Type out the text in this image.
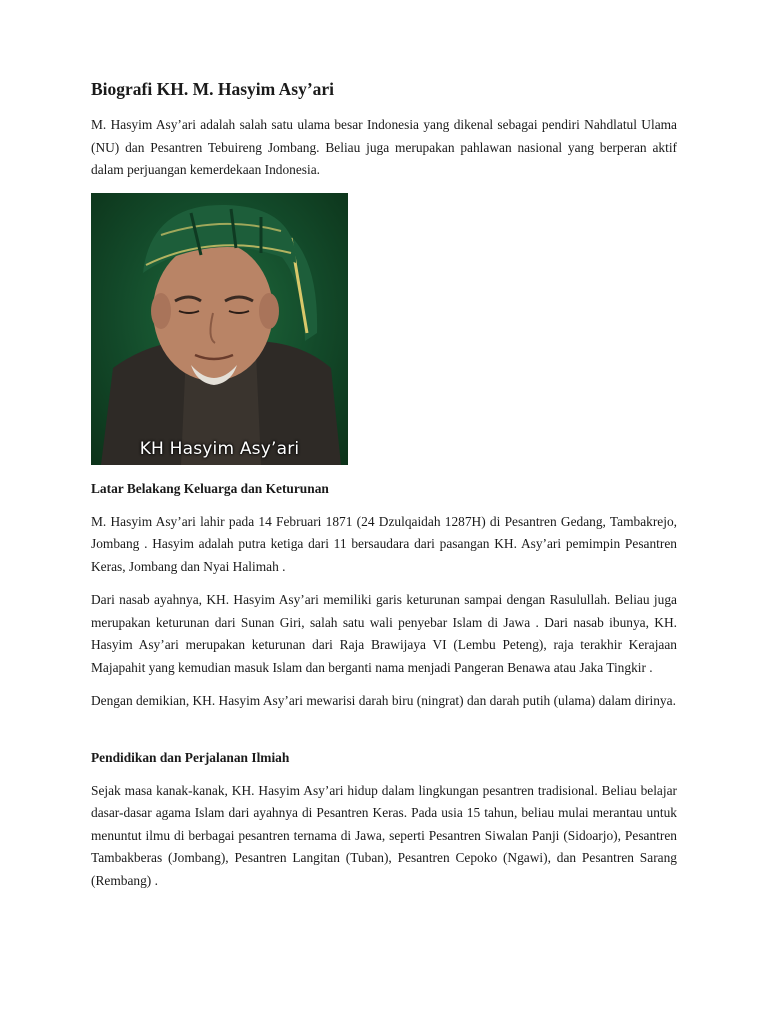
Biografi KH. M. Hasyim Asy’ari

M. Hasyim Asy’ari adalah salah satu ulama besar Indonesia yang dikenal sebagai pendiri Nahdlatul Ulama (NU) dan Pesantren Tebuireng Jombang. Beliau juga merupakan pahlawan nasional yang berperan aktif dalam perjuangan kemerdekaan Indonesia.

KH Hasyim Asy’ari
Latar Belakang Keluarga dan Keturunan

M. Hasyim Asy’ari lahir pada 14 Februari 1871 (24 Dzulqaidah 1287H) di Pesantren Gedang, Tambakrejo, Jombang . Hasyim adalah putra ketiga dari 11 bersaudara dari pasangan KH. Asy’ari pemimpin Pesantren Keras, Jombang dan Nyai Halimah .

Dari nasab ayahnya, KH. Hasyim Asy’ari memiliki garis keturunan sampai dengan Rasulullah. Beliau juga merupakan keturunan dari Sunan Giri, salah satu wali penyebar Islam di Jawa . Dari nasab ibunya, KH. Hasyim Asy’ari merupakan keturunan dari Raja Brawijaya VI (Lembu Peteng), raja terakhir Kerajaan Majapahit yang kemudian masuk Islam dan berganti nama menjadi Pangeran Benawa atau Jaka Tingkir .

Dengan demikian, KH. Hasyim Asy’ari mewarisi darah biru (ningrat) dan darah putih (ulama) dalam dirinya.

Pendidikan dan Perjalanan Ilmiah

Sejak masa kanak-kanak, KH. Hasyim Asy’ari hidup dalam lingkungan pesantren tradisional. Beliau belajar dasar-dasar agama Islam dari ayahnya di Pesantren Keras. Pada usia 15 tahun, beliau mulai merantau untuk menuntut ilmu di berbagai pesantren ternama di Jawa, seperti Pesantren Siwalan Panji (Sidoarjo), Pesantren Tambakberas (Jombang), Pesantren Langitan (Tuban), Pesantren Cepoko (Ngawi), dan Pesantren Sarang (Rembang) .
